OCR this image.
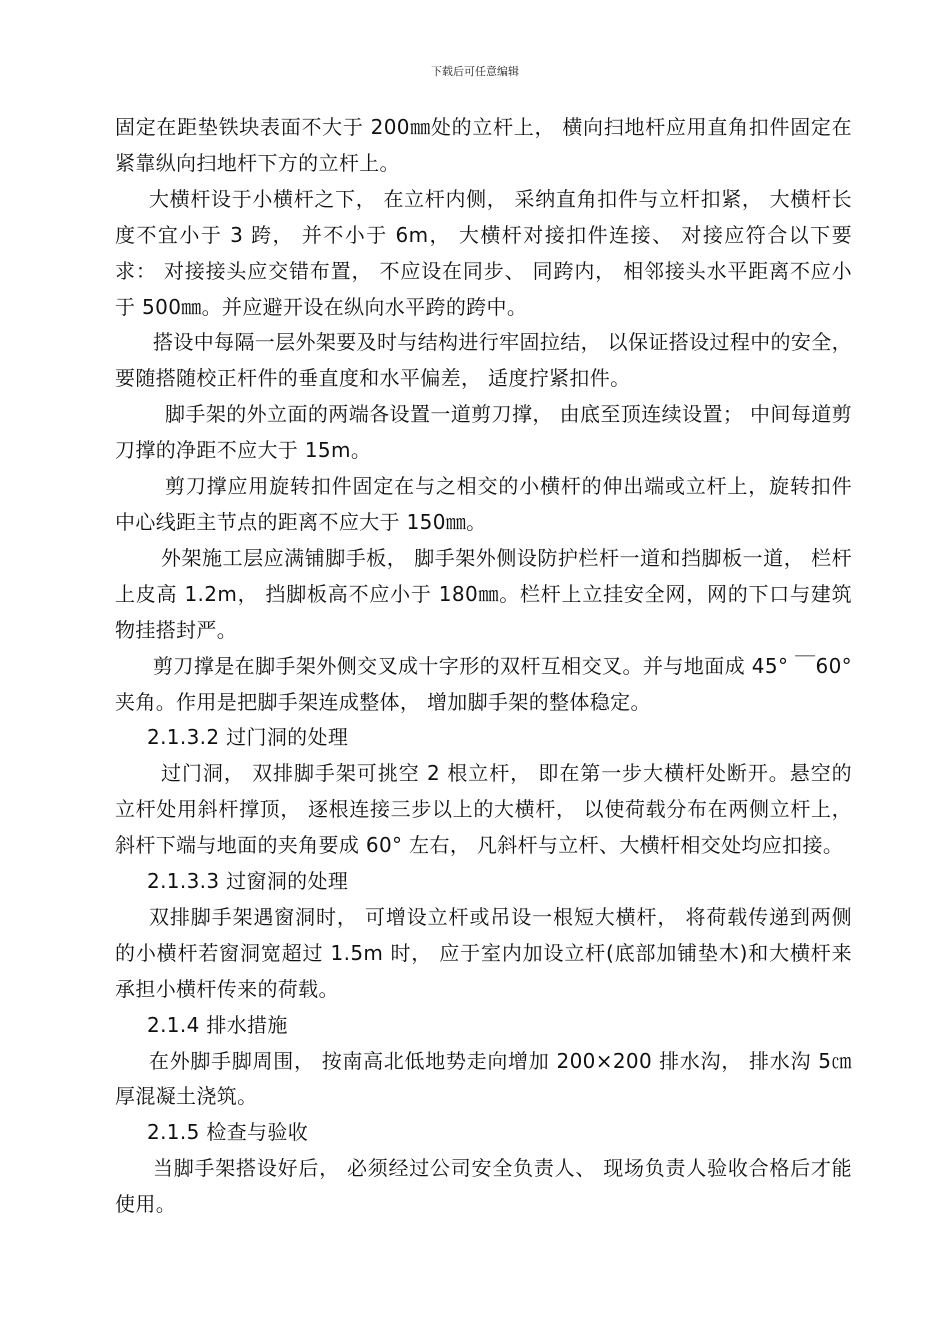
下载后可任意编辑

固定在距垫铁块表面不大于 200㎜处的立杆上， 横向扫地杆应用直角扣件固定在紧靠纵向扫地杆下方的立杆上。

大横杆设于小横杆之下， 在立杆内侧， 采纳直角扣件与立杆扣紧， 大横杆长度不宜小于 3 跨， 并不小于 6m， 大横杆对接扣件连接、 对接应符合以下要求： 对接接头应交错布置， 不应设在同步、 同跨内， 相邻接头水平距离不应小于 500㎜。并应避开设在纵向水平跨的跨中。

搭设中每隔一层外架要及时与结构进行牢固拉结， 以保证搭设过程中的安全， 要随搭随校正杆件的垂直度和水平偏差， 适度拧紧扣件。

脚手架的外立面的两端各设置一道剪刀撑， 由底至顶连续设置； 中间每道剪刀撑的净距不应大于 15m。

剪刀撑应用旋转扣件固定在与之相交的小横杆的伸出端或立杆上，旋转扣件中心线距主节点的距离不应大于 150㎜。

外架施工层应满铺脚手板， 脚手架外侧设防护栏杆一道和挡脚板一道， 栏杆上皮高 1.2m， 挡脚板高不应小于 180㎜。栏杆上立挂安全网，网的下口与建筑物挂搭封严。

剪刀撑是在脚手架外侧交叉成十字形的双杆互相交叉。并与地面成 45° ￣60° 夹角。作用是把脚手架连成整体， 增加脚手架的整体稳定。

2.1.3.2 过门洞的处理

过门洞， 双排脚手架可挑空 2 根立杆， 即在第一步大横杆处断开。悬空的立杆处用斜杆撑顶， 逐根连接三步以上的大横杆， 以使荷载分布在两侧立杆上， 斜杆下端与地面的夹角要成 60° 左右， 凡斜杆与立杆、大横杆相交处均应扣接。

2.1.3.3 过窗洞的处理

双排脚手架遇窗洞时， 可增设立杆或吊设一根短大横杆， 将荷载传递到两侧的小横杆若窗洞宽超过 1.5m 时， 应于室内加设立杆(底部加铺垫木)和大横杆来承担小横杆传来的荷载。

2.1.4 排水措施

在外脚手脚周围， 按南高北低地势走向增加 200×200 排水沟， 排水沟 5㎝厚混凝土浇筑。

2.1.5 检查与验收

当脚手架搭设好后， 必须经过公司安全负责人、 现场负责人验收合格后才能使用。
